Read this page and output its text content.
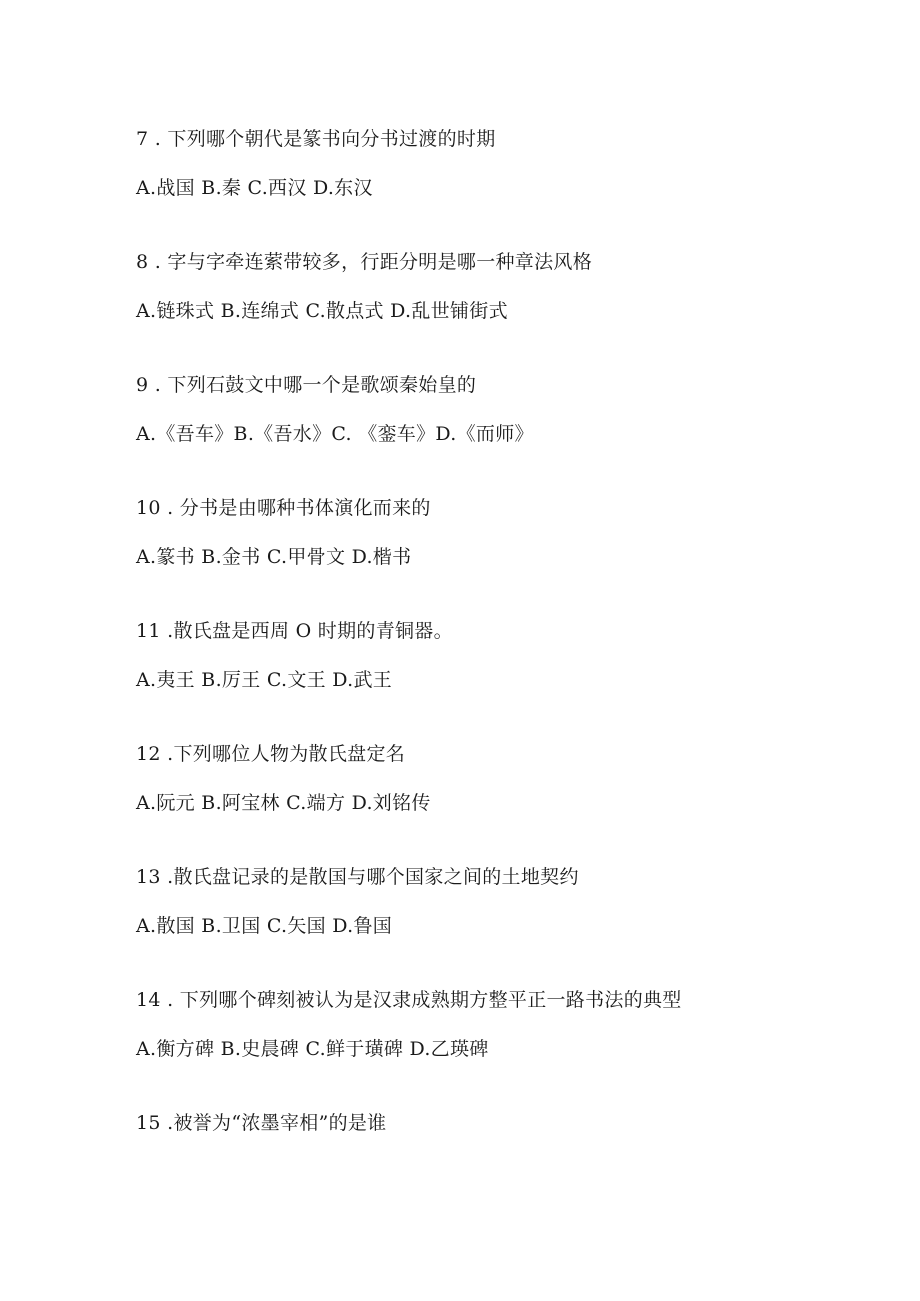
7 . 下列哪个朝代是篆书向分书过渡的时期
A.战国 B.秦 C.西汉 D.东汉
8 . 字与字牵连萦带较多，行距分明是哪一种章法风格
A.链珠式 B.连绵式 C.散点式 D.乱世铺街式
9 . 下列石鼓文中哪一个是歌颂秦始皇的
A.《吾车》B.《吾水》C. 《銮车》D.《而师》
10 . 分书是由哪种书体演化而来的
A.篆书 B.金书 C.甲骨文 D.楷书
11 .散氏盘是西周 O 时期的青铜器。
A.夷王 B.厉王 C.文王 D.武王
12 .下列哪位人物为散氏盘定名
A.阮元 B.阿宝林 C.端方 D.刘铭传
13 .散氏盘记录的是散国与哪个国家之间的土地契约
A.散国 B.卫国 C.矢国 D.鲁国
14 . 下列哪个碑刻被认为是汉隶成熟期方整平正一路书法的典型
A.衡方碑 B.史晨碑 C.鲜于璜碑 D.乙瑛碑
15 .被誉为“浓墨宰相”的是谁
